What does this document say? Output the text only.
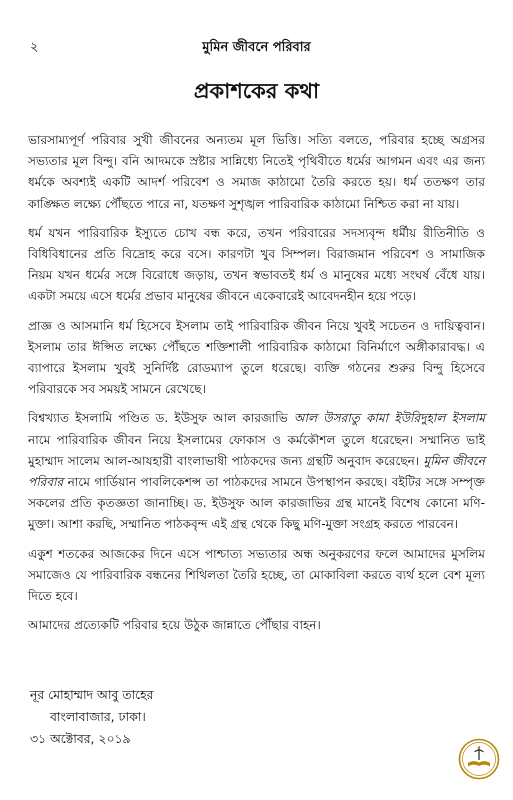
২	মুমিন জীবনে পরিবার
প্রকাশকের কথা

ভারসাম্যপূর্ণ পরিবার সুখী জীবনের অন্যতম মূল ভিত্তি। সত্যি বলতে, পরিবার হচ্ছে অগ্রসর সভ্যতার মূল বিন্দু। বনি আদমকে স্রষ্টার সান্নিধ্যে নিতেই পৃথিবীতে ধর্মের আগমন এবং এর জন্য ধর্মকে অবশ্যই একটি আদর্শ পরিবেশ ও সমাজ কাঠামো তৈরি করতে হয়। ধর্ম ততক্ষণ তার কাঙ্ক্ষিত লক্ষ্যে পৌঁছতে পারে না, যতক্ষণ সুশৃঙ্খল পারিবারিক কাঠামো নিশ্চিত করা না যায়।

ধর্ম যখন পারিবারিক ইস্যুতে চোখ বন্ধ করে, তখন পরিবারের সদস্যবৃন্দ ধর্মীয় রীতিনীতি ও বিধিবিধানের প্রতি বিদ্রোহ করে বসে। কারণটা খুব সিম্পল। বিরাজমান পরিবেশ ও সামাজিক নিয়ম যখন ধর্মের সঙ্গে বিরোধে জড়ায়, তখন স্বভাবতই ধর্ম ও মানুষের মধ্যে সংঘর্ষ বেঁধে যায়। একটা সময়ে এসে ধর্মের প্রভাব মানুষের জীবনে একেবারেই আবেদনহীন হয়ে পড়ে।

প্রাজ্ঞ ও আসমানি ধর্ম হিসেবে ইসলাম তাই পারিবারিক জীবন নিয়ে খুবই সচেতন ও দায়িত্ববান। ইসলাম তার ঈপ্সিত লক্ষ্যে পৌঁছতে শক্তিশালী পারিবারিক কাঠামো বিনির্মাণে অঙ্গীকারাবদ্ধ। এ ব্যাপারে ইসলাম খুবই সুনির্দিষ্ট রোডম্যাপ তুলে ধরেছে। ব্যক্তি গঠনের শুরুর বিন্দু হিসেবে পরিবারকে সব সময়ই সামনে রেখেছে।

বিশ্বখ্যাত ইসলামি পণ্ডিত ড. ইউসুফ আল কারজাভি আল উসরাতু কামা ইউরিদুহাল ইসলাম নামে পারিবারিক জীবন নিয়ে ইসলামের ফোকাস ও কর্মকৌশল তুলে ধরেছেন। সম্মানিত ভাই মুহাম্মাদ সালেম আল-আযহারী বাংলাভাষী পাঠকদের জন্য গ্রন্থটি অনুবাদ করেছেন। মুমিন জীবনে পরিবার নামে গার্ডিয়ান পাবলিকেশন্স তা পাঠকদের সামনে উপস্থাপন করছে। বইটির সঙ্গে সম্পৃক্ত সকলের প্রতি কৃতজ্ঞতা জানাচ্ছি। ড. ইউসুফ আল কারজাভির গ্রন্থ মানেই বিশেষ কোনো মণি-মুক্তা। আশা করছি, সম্মানিত পাঠকবৃন্দ এই গ্রন্থ থেকে কিছু মণি-মুক্তা সংগ্রহ করতে পারবেন।

একুশ শতকের আজকের দিনে এসে পাশ্চাত্য সভ্যতার অন্ধ অনুকরণের ফলে আমাদের মুসলিম সমাজেও যে পারিবারিক বন্ধনের শিথিলতা তৈরি হচ্ছে, তা মোকাবিলা করতে ব্যর্থ হলে বেশ মূল্য দিতে হবে।

আমাদের প্রত্যেকটি পরিবার হয়ে উঠুক জান্নাতে পৌঁছার বাহন।

নূর মোহাম্মাদ আবু তাহের
বাংলাবাজার, ঢাকা।
৩১ অক্টোবর, ২০১৯
